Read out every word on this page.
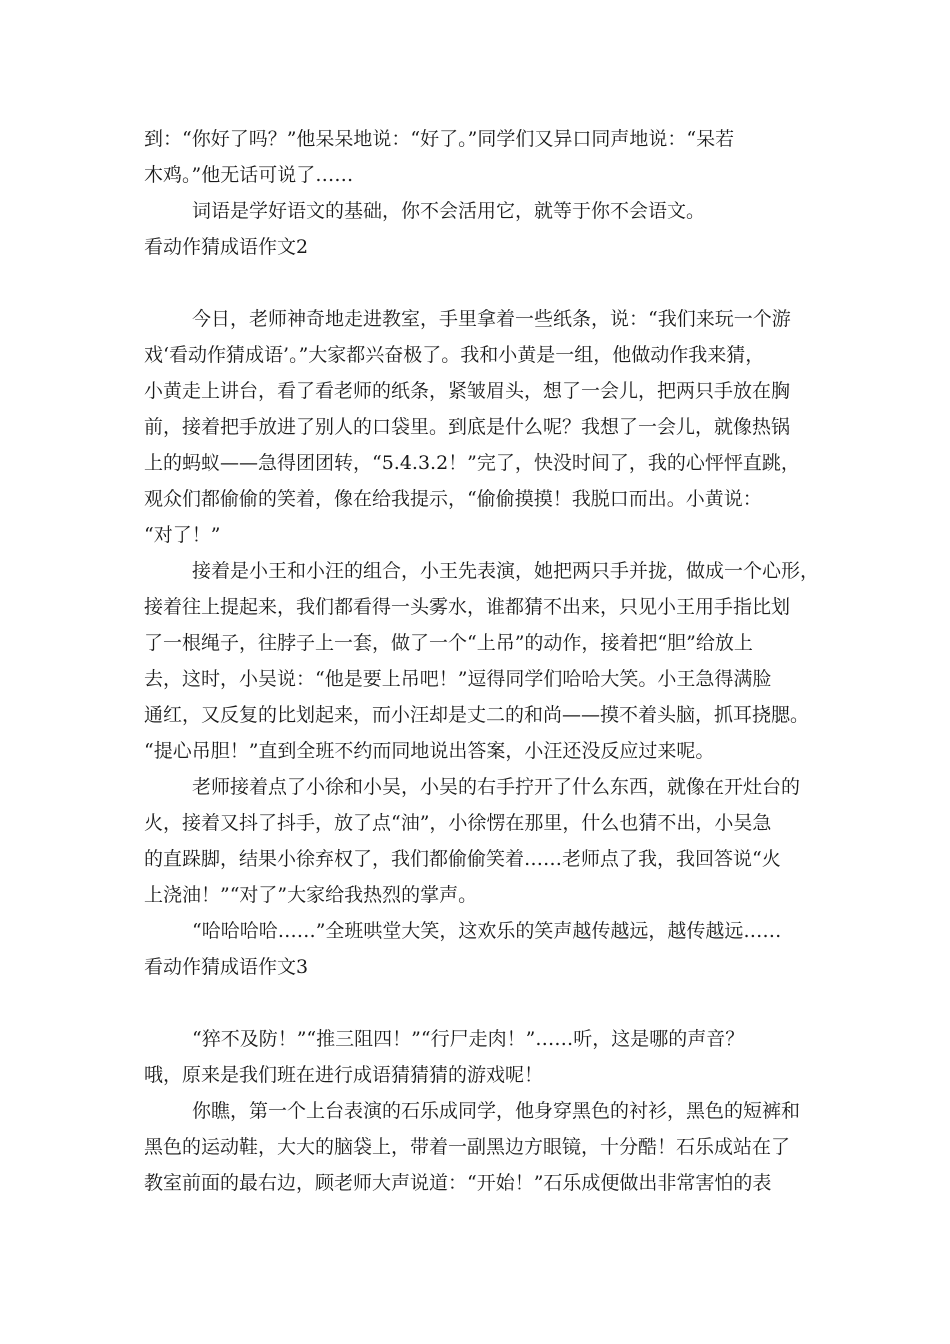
到：“你好了吗？”他呆呆地说：“好了。”同学们又异口同声地说：“呆若
木鸡。”他无话可说了……
词语是学好语文的基础，你不会活用它，就等于你不会语文。
看动作猜成语作文2
今日，老师神奇地走进教室，手里拿着一些纸条，说：“我们来玩一个游
戏‘看动作猜成语’。”大家都兴奋极了。我和小黄是一组，他做动作我来猜，
小黄走上讲台，看了看老师的纸条，紧皱眉头，想了一会儿，把两只手放在胸
前，接着把手放进了别人的口袋里。到底是什么呢？我想了一会儿，就像热锅
上的蚂蚁——急得团团转，“5.4.3.2！”完了，快没时间了，我的心怦怦直跳，
观众们都偷偷的笑着，像在给我提示，“偷偷摸摸！我脱口而出。小黄说：
“对了！”
接着是小王和小汪的组合，小王先表演，她把两只手并拢，做成一个心形，
接着往上提起来，我们都看得一头雾水，谁都猜不出来，只见小王用手指比划
了一根绳子，往脖子上一套，做了一个“上吊”的动作，接着把“胆”给放上
去，这时，小吴说：“他是要上吊吧！”逗得同学们哈哈大笑。小王急得满脸
通红，又反复的比划起来，而小汪却是丈二的和尚——摸不着头脑，抓耳挠腮。
“提心吊胆！”直到全班不约而同地说出答案，小汪还没反应过来呢。
老师接着点了小徐和小吴，小吴的右手拧开了什么东西，就像在开灶台的
火，接着又抖了抖手，放了点“油”，小徐愣在那里，什么也猜不出，小吴急
的直跺脚，结果小徐弃权了，我们都偷偷笑着……老师点了我，我回答说“火
上浇油！”“对了”大家给我热烈的掌声。
“哈哈哈哈……”全班哄堂大笑，这欢乐的笑声越传越远，越传越远……
看动作猜成语作文3
“猝不及防！”“推三阻四！”“行尸走肉！”……听，这是哪的声音？
哦，原来是我们班在进行成语猜猜猜的游戏呢！
你瞧，第一个上台表演的石乐成同学，他身穿黑色的衬衫，黑色的短裤和
黑色的运动鞋，大大的脑袋上，带着一副黑边方眼镜，十分酷！石乐成站在了
教室前面的最右边，顾老师大声说道：“开始！”石乐成便做出非常害怕的表
